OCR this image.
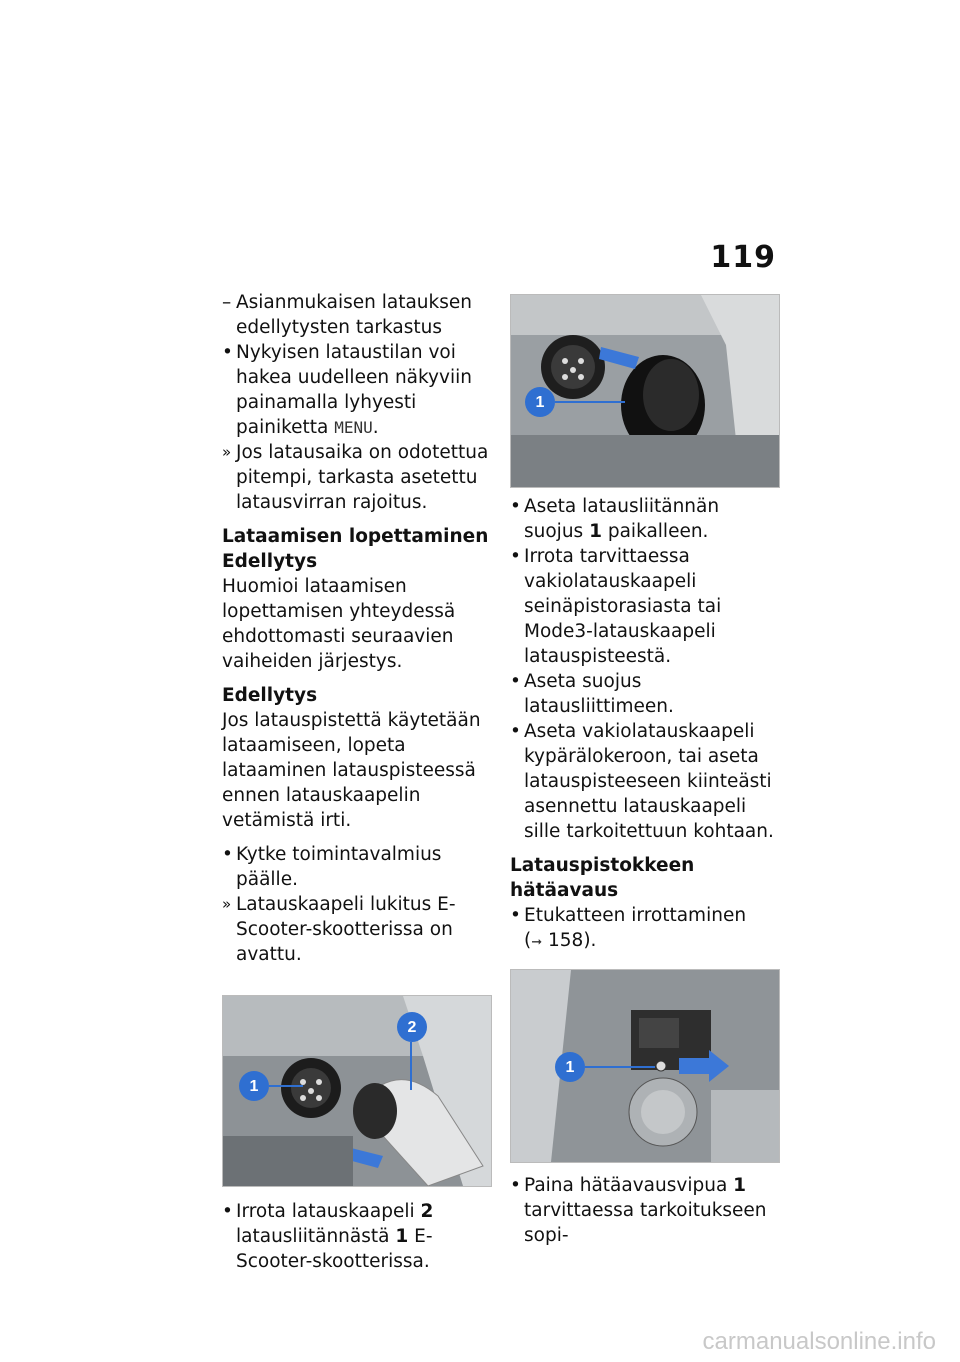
119
– Asianmukaisen latauksen edellytysten tarkastus
• Nykyisen lataustilan voi hakea uudelleen näkyviin painamalla lyhyesti painiketta MENU.
» Jos latausaika on odotettua pitempi, tarkasta asetettu latausvirran rajoitus.
Lataamisen lopettaminen
Edellytys

Huomioi lataamisen lopettamisen yhteydessä ehdottomasti seuraavien vaiheiden järjestys.

Edellytys

Jos latauspistettä käytetään lataamiseen, lopeta lataaminen latauspisteessä ennen latauskaapelin vetämistä irti.

• Kytke toimintavalmius päälle.
» Latauskaapeli lukitus E-Scooter-skootterissa on avattu.
1
2
• Irrota latauskaapeli 2 latausliitännästä 1 E-Scooter-skootterissa.
1
• Aseta latausliitännän suojus 1 paikalleen.
• Irrota tarvittaessa vakiolatauskaapeli seinäpistorasiasta tai Mode3-latauskaapeli latauspisteestä.
• Aseta suojus latausliittimeen.
• Aseta vakiolatauskaapeli kypärälokeroon, tai aseta latauspisteeseen kiinteästi asennettu latauskaapeli sille tarkoitettuun kohtaan.
Latauspistokkeen hätäavaus
• Etukatteen irrottaminen
(➞ 158).
1
• Paina hätäavausvipua 1 tarvittaessa tarkoitukseen sopi-
carmanualsonline.info
